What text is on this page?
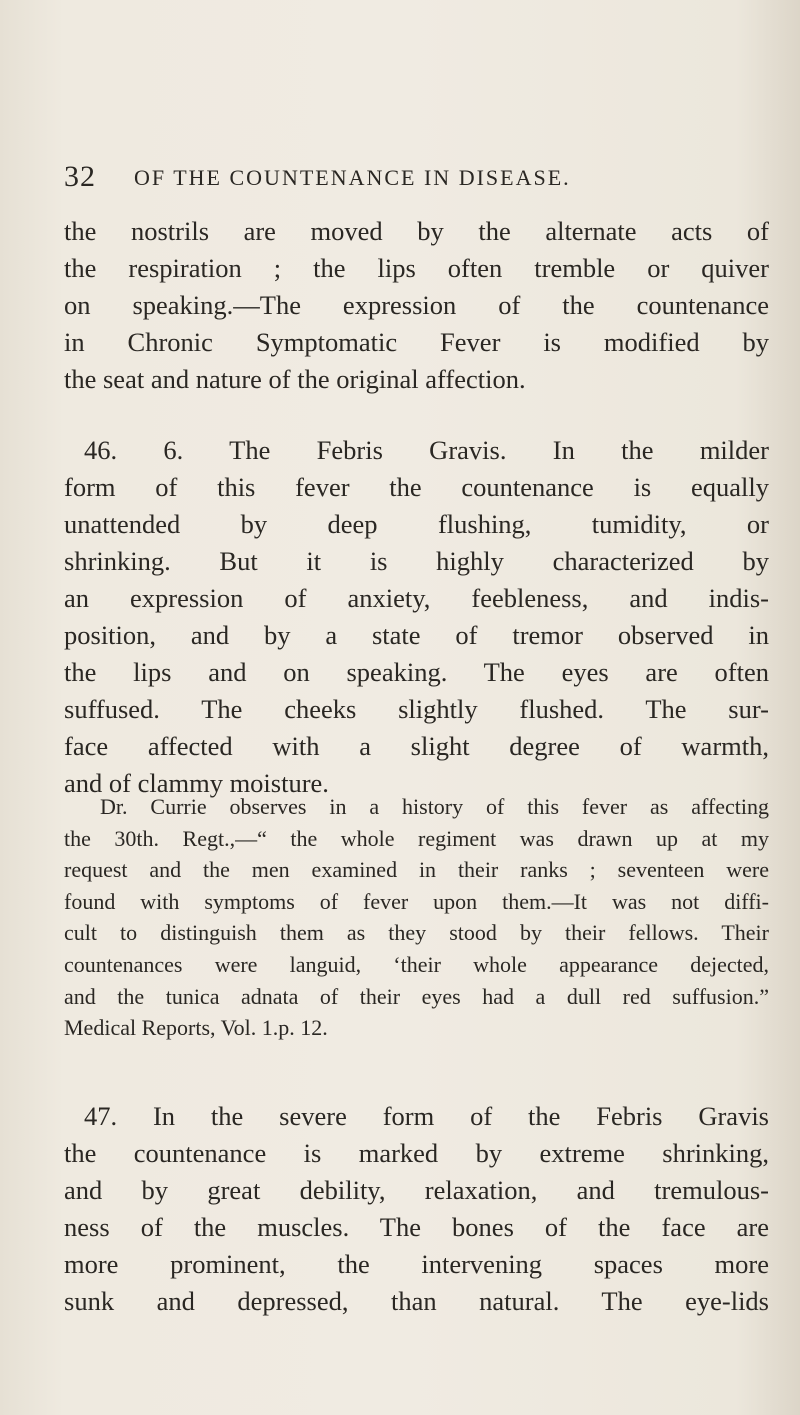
32 OF THE COUNTENANCE IN DISEASE.
the nostrils are moved by the alternate acts of
the respiration ; the lips often tremble or quiver
on speaking.—The expression of the countenance
in Chronic Symptomatic Fever is modified by
the seat and nature of the original affection.
46. 6. The Febris Gravis. In the milder
form of this fever the countenance is equally
unattended by deep flushing, tumidity, or
shrinking. But it is highly characterized by
an expression of anxiety, feebleness, and indis-
position, and by a state of tremor observed in
the lips and on speaking. The eyes are often
suffused. The cheeks slightly flushed. The sur-
face affected with a slight degree of warmth,
and of clammy moisture.
Dr. Currie observes in a history of this fever as affecting
the 30th. Regt.,—“ the whole regiment was drawn up at my
request and the men examined in their ranks ; seventeen were
found with symptoms of fever upon them.—It was not diffi-
cult to distinguish them as they stood by their fellows. Their
countenances were languid, ‘their whole appearance dejected,
and the tunica adnata of their eyes had a dull red suffusion.”
Medical Reports, Vol. 1.p. 12.
47. In the severe form of the Febris Gravis
the countenance is marked by extreme shrinking,
and by great debility, relaxation, and tremulous-
ness of the muscles. The bones of the face are
more prominent, the intervening spaces more
sunk and depressed, than natural. The eye-lids
